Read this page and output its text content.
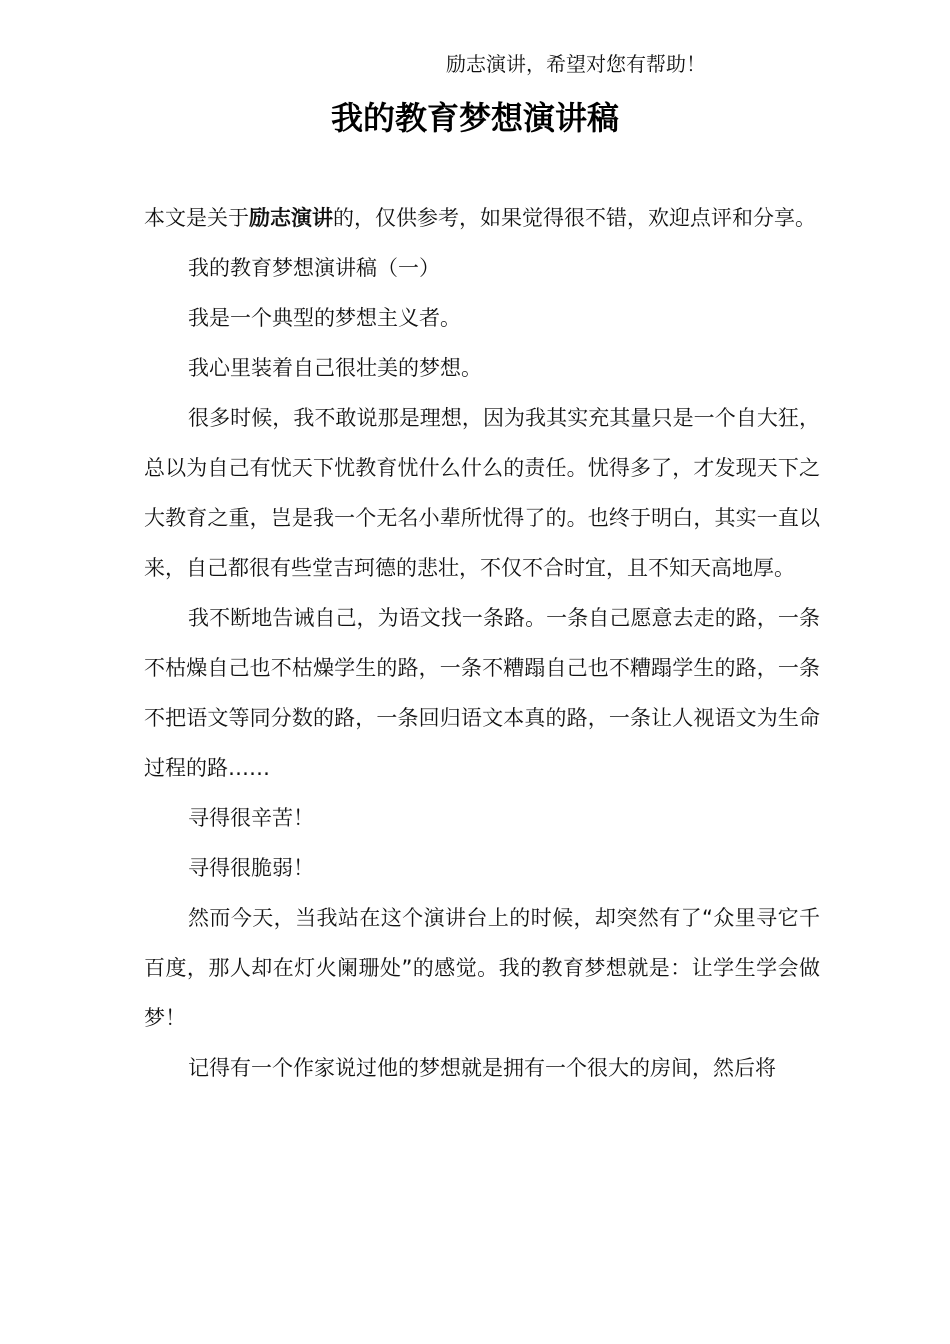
励志演讲，希望对您有帮助！
我的教育梦想演讲稿

本文是关于励志演讲的，仅供参考，如果觉得很不错，欢迎点评和分享。

我的教育梦想演讲稿（一）

我是一个典型的梦想主义者。

我心里装着自己很壮美的梦想。

很多时候，我不敢说那是理想，因为我其实充其量只是一个自大狂，总以为自己有忧天下忧教育忧什么什么的责任。忧得多了，才发现天下之大教育之重，岂是我一个无名小辈所忧得了的。也终于明白，其实一直以来，自己都很有些堂吉珂德的悲壮，不仅不合时宜，且不知天高地厚。

我不断地告诫自己，为语文找一条路。一条自己愿意去走的路，一条不枯燥自己也不枯燥学生的路，一条不糟蹋自己也不糟蹋学生的路，一条不把语文等同分数的路，一条回归语文本真的路，一条让人视语文为生命过程的路……

寻得很辛苦！

寻得很脆弱！

然而今天，当我站在这个演讲台上的时候，却突然有了“众里寻它千百度，那人却在灯火阑珊处”的感觉。我的教育梦想就是：让学生学会做梦！

记得有一个作家说过他的梦想就是拥有一个很大的房间，然后将
